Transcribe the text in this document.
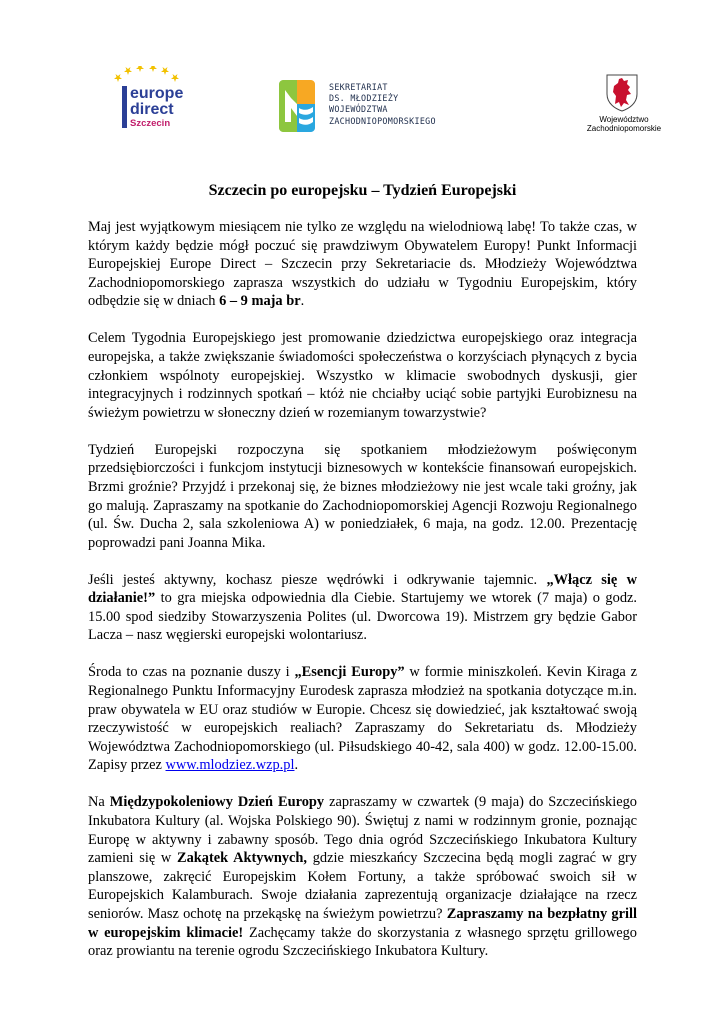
europe
direct
Szczecin
SEKRETARIAT
DS. MŁODZIEŻY
WOJEWÓDZTWA
ZACHODNIOPOMORSKIEGO	Województwo
Zachodniopomorskie
Szczecin po europejsku – Tydzień Europejski

Maj jest wyjątkowym miesiącem nie tylko ze względu na wielodniową labę! To także czas, w którym każdy będzie mógł poczuć się prawdziwym Obywatelem Europy! Punkt Informacji Europejskiej Europe Direct – Szczecin przy Sekretariacie ds. Młodzieży Województwa Zachodniopomorskiego zaprasza wszystkich do udziału w Tygodniu Europejskim, który odbędzie się w dniach 6 – 9 maja br.

Celem Tygodnia Europejskiego jest promowanie dziedzictwa europejskiego oraz integracja europejska, a także zwiększanie świadomości społeczeństwa o korzyściach płynących z bycia członkiem wspólnoty europejskiej. Wszystko w klimacie swobodnych dyskusji, gier integracyjnych i rodzinnych spotkań – któż nie chciałby uciąć sobie partyjki Eurobiznesu na świeżym powietrzu w słoneczny dzień w rozemianym towarzystwie?

Tydzień Europejski rozpoczyna się spotkaniem młodzieżowym poświęconym przedsiębiorczości i funkcjom instytucji biznesowych w kontekście finansowań europejskich. Brzmi groźnie? Przyjdź i przekonaj się, że biznes młodzieżowy nie jest wcale taki groźny, jak go malują. Zapraszamy na spotkanie do Zachodniopomorskiej Agencji Rozwoju Regionalnego (ul. Św. Ducha 2, sala szkoleniowa A) w poniedziałek, 6 maja, na godz. 12.00. Prezentację poprowadzi pani Joanna Mika.

Jeśli jesteś aktywny, kochasz piesze wędrówki i odkrywanie tajemnic. „Włącz się w działanie!” to gra miejska odpowiednia dla Ciebie. Startujemy we wtorek (7 maja) o godz. 15.00 spod siedziby Stowarzyszenia Polites (ul. Dworcowa 19). Mistrzem gry będzie Gabor Lacza – nasz węgierski europejski wolontariusz.

Środa to czas na poznanie duszy i „Esencji Europy” w formie miniszkoleń. Kevin Kiraga z Regionalnego Punktu Informacyjny Eurodesk zaprasza młodzież na spotkania dotyczące m.in. praw obywatela w EU oraz studiów w Europie. Chcesz się dowiedzieć, jak kształtować swoją rzeczywistość w europejskich realiach? Zapraszamy do Sekretariatu ds. Młodzieży Województwa Zachodniopomorskiego (ul. Piłsudskiego 40-42, sala 400) w godz. 12.00-15.00. Zapisy przez www.mlodziez.wzp.pl.

Na Międzypokoleniowy Dzień Europy zapraszamy w czwartek (9 maja) do Szczecińskiego Inkubatora Kultury (al. Wojska Polskiego 90). Świętuj z nami w rodzinnym gronie, poznając Europę w aktywny i zabawny sposób. Tego dnia ogród Szczecińskiego Inkubatora Kultury zamieni się w Zakątek Aktywnych, gdzie mieszkańcy Szczecina będą mogli zagrać w gry planszowe, zakręcić Europejskim Kołem Fortuny, a także spróbować swoich sił w Europejskich Kalamburach. Swoje działania zaprezentują organizacje działające na rzecz seniorów. Masz ochotę na przekąskę na świeżym powietrzu? Zapraszamy na bezpłatny grill w europejskim klimacie! Zachęcamy także do skorzystania z własnego sprzętu grillowego oraz prowiantu na terenie ogrodu Szczecińskiego Inkubatora Kultury.
